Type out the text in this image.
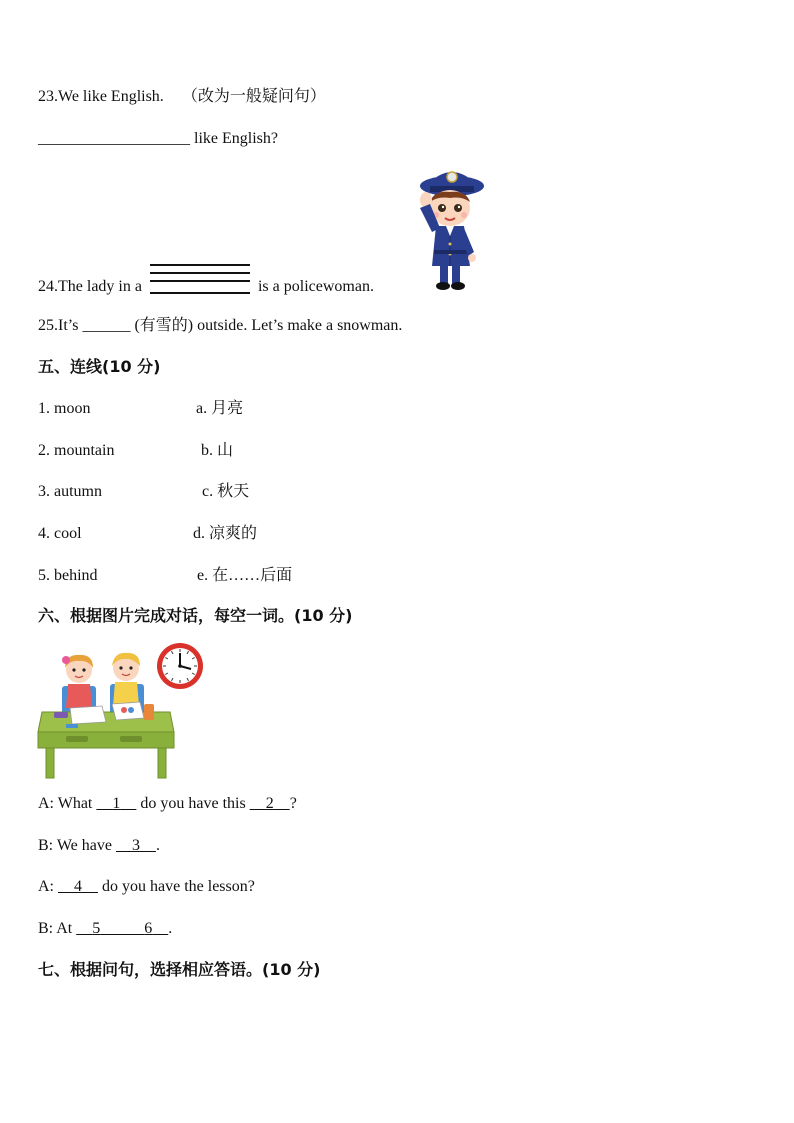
23.We like English. （改为一般疑问句）
___________________ like English?
24.The lady in a	is a policewoman.
25.It’s ______ (有雪的) outside. Let’s make a snowman.
五、连线(10 分)
1. moon	a. 月亮
2. mountain	b. 山
3. autumn	c. 秋天
4. cool	d. 凉爽的
5. behind	e. 在……后面
六、根据图片完成对话，每空一词。(10 分)
A: What     1     do you have this     2 ?
B: We have     3 .
A:     4     do you have the lesson?
B: At     5	6 .
七、根据问句，选择相应答语。(10 分)
